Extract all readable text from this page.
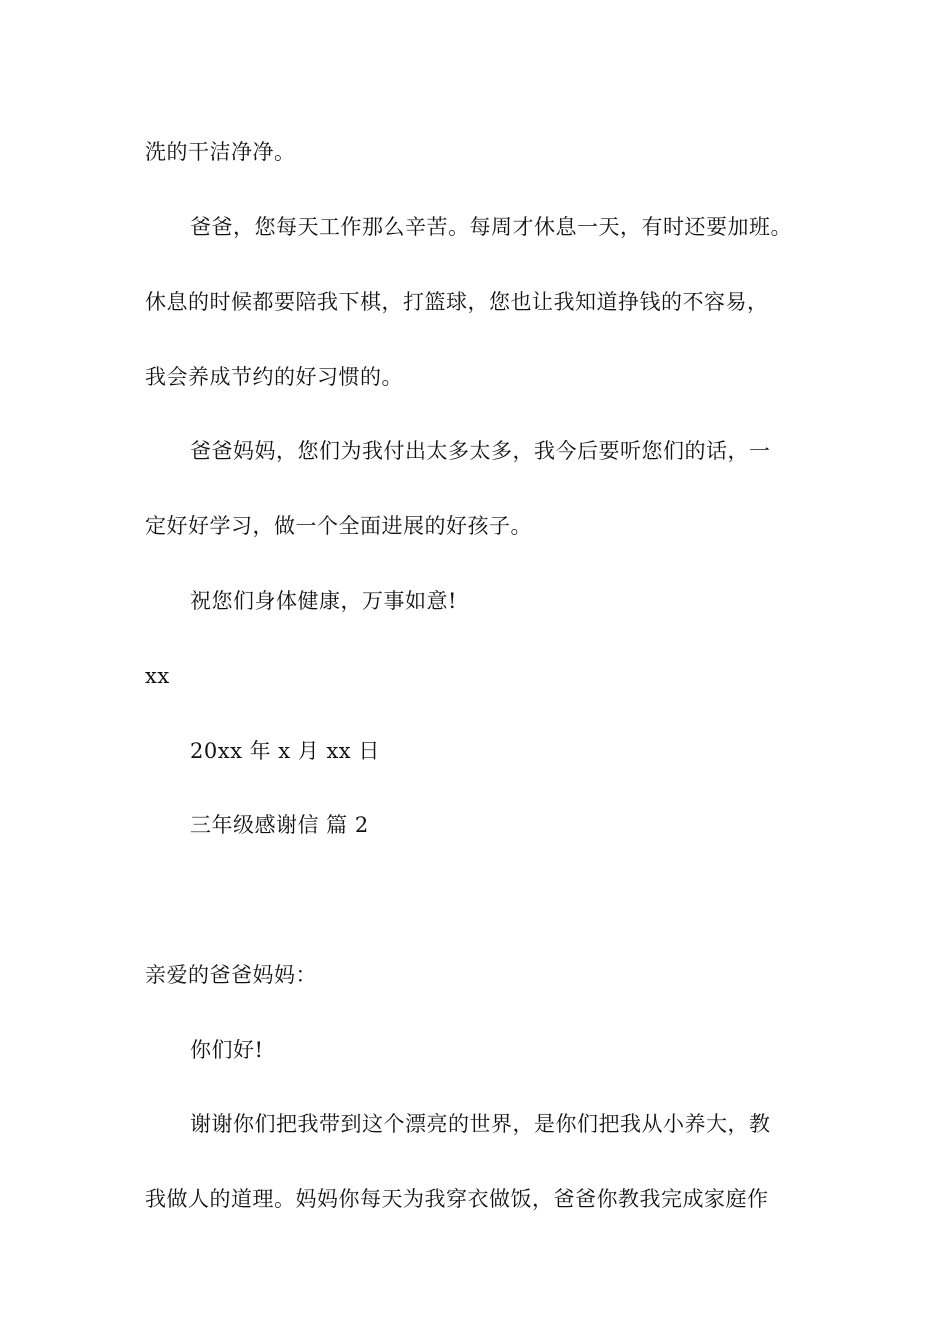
洗的干洁净净。
爸爸，您每天工作那么辛苦。每周才休息一天，有时还要加班。
休息的时候都要陪我下棋，打篮球，您也让我知道挣钱的不容易，
我会养成节约的好习惯的。
爸爸妈妈，您们为我付出太多太多，我今后要听您们的话，一
定好好学习，做一个全面进展的好孩子。
祝您们身体健康，万事如意!
xx
20xx 年 x 月 xx 日
三年级感谢信 篇 2
亲爱的爸爸妈妈：
你们好!
谢谢你们把我带到这个漂亮的世界，是你们把我从小养大，教
我做人的道理。妈妈你每天为我穿衣做饭，爸爸你教我完成家庭作
